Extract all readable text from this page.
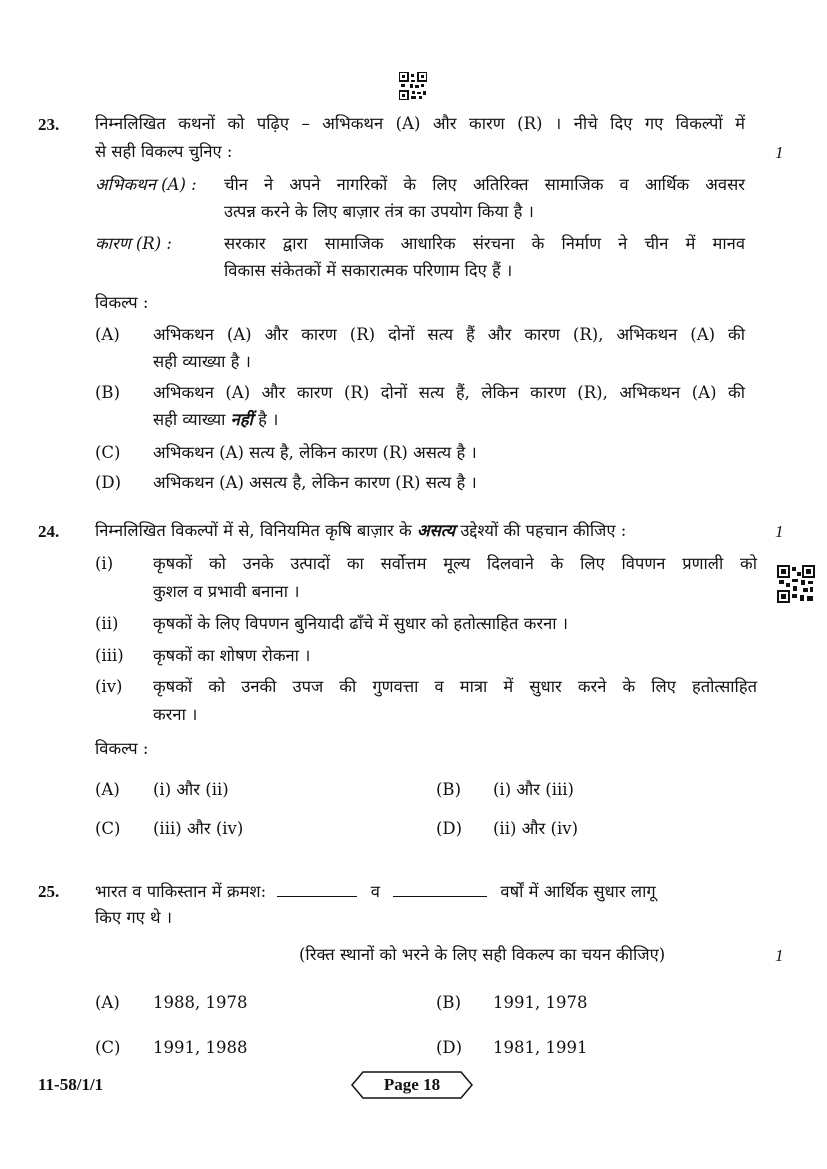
23. निम्नलिखित कथनों को पढ़िए – अभिकथन (A) और कारण (R) । नीचे दिए गए विकल्पों में
से सही विकल्प चुनिए :	1
अभिकथन (A) : चीन ने अपने नागरिकों के लिए अतिरिक्त सामाजिक व आर्थिक अवसर
उत्पन्न करने के लिए बाज़ार तंत्र का उपयोग किया है ।
कारण (R) :	सरकार द्वारा सामाजिक आधारिक संरचना के निर्माण ने चीन में मानव
विकास संकेतकों में सकारात्मक परिणाम दिए हैं ।
विकल्प :
(A) अभिकथन (A) और कारण (R) दोनों सत्य हैं और कारण (R), अभिकथन (A) की
सही व्याख्या है ।
(B) अभिकथन (A) और कारण (R) दोनों सत्य हैं, लेकिन कारण (R), अभिकथन (A) की
सही व्याख्या नहीं है ।
(C) अभिकथन (A) सत्य है, लेकिन कारण (R) असत्य है ।
(D) अभिकथन (A) असत्य है, लेकिन कारण (R) सत्य है ।
24. निम्नलिखित विकल्पों में से, विनियमित कृषि बाज़ार के असत्य उद्देश्यों की पहचान कीजिए :	1
(i) कृषकों को उनके उत्पादों का सर्वोत्तम मूल्य दिलवाने के लिए विपणन प्रणाली को
कुशल व प्रभावी बनाना ।
(ii) कृषकों के लिए विपणन बुनियादी ढाँचे में सुधार को हतोत्साहित करना ।
(iii) कृषकों का शोषण रोकना ।
(iv) कृषकों को उनकी उपज की गुणवत्ता व मात्रा में सुधार करने के लिए हतोत्साहित
करना ।
विकल्प :
(A) (i) और (ii)	(B) (i) और (iii)
(C) (iii) और (iv)	(D) (ii) और (iv)
25. भारत व पाकिस्तान में क्रमश:	व	वर्षों में आर्थिक सुधार लागू
किए गए थे ।
(रिक्त स्थानों को भरने के लिए सही विकल्प का चयन कीजिए)	1
(A) 1988, 1978	(B) 1991, 1978
(C) 1991, 1988	(D) 1981, 1991
11-58/1/1	Page 18
